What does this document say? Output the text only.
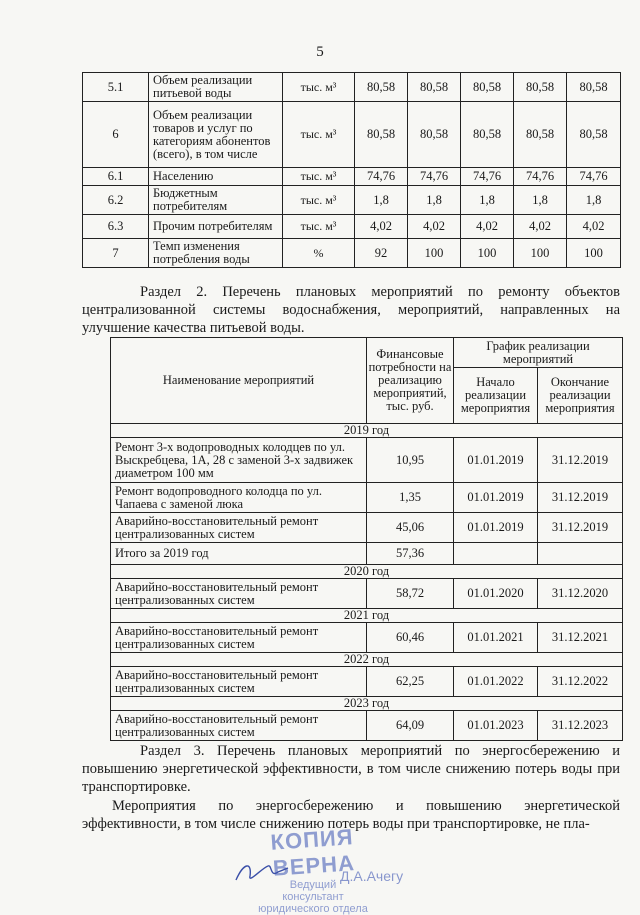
5
5.1	Объем реализации питьевой воды	тыс. м³	80,58	80,58	80,58	80,58	80,58
6	Объем реализации товаров и услуг по категориям абонентов (всего), в том числе	тыс. м³	80,58	80,58	80,58	80,58	80,58
6.1	Населению	тыс. м³	74,76	74,76	74,76	74,76	74,76
6.2	Бюджетным потребителям	тыс. м³	1,8	1,8	1,8	1,8	1,8
6.3	Прочим потребителям	тыс. м³	4,02	4,02	4,02	4,02	4,02
7	Темп изменения потребления воды	%	92	100	100	100	100
Раздел 2. Перечень плановых мероприятий по ремонту объектов централизованной системы водоснабжения, мероприятий, направленных на улучшение качества питьевой воды.
Наименование мероприятий	Финансовые потребности на реализацию мероприятий, тыс. руб.	График реализации мероприятий	
		Начало реализации мероприятия	Окончание реализации мероприятия
2019 год			
Ремонт 3-х водопроводных колодцев по ул. Выскребцева, 1А, 28 с заменой 3-х задвижек диаметром 100 мм	10,95	01.01.2019	31.12.2019
Ремонт водопроводного колодца по ул. Чапаева с заменой люка	1,35	01.01.2019	31.12.2019
Аварийно-восстановительный ремонт централизованных систем	45,06	01.01.2019	31.12.2019
Итого за 2019 год	57,36		
2020 год			
Аварийно-восстановительный ремонт централизованных систем	58,72	01.01.2020	31.12.2020
2021 год			
Аварийно-восстановительный ремонт централизованных систем	60,46	01.01.2021	31.12.2021
2022 год			
Аварийно-восстановительный ремонт централизованных систем	62,25	01.01.2022	31.12.2022
2023 год			
Аварийно-восстановительный ремонт централизованных систем	64,09	01.01.2023	31.12.2023
Раздел 3. Перечень плановых мероприятий по энергосбережению и повышению энергетической эффективности, в том числе снижению потерь воды при транспортировке.
Мероприятия по энергосбережению и повышению энергетической эффективности, в том числе снижению потерь воды при транспортировке, не пла-
КОПИЯ ВЕРНА
Ведущий консультант юридического отдела
Д.А.Ачегу
